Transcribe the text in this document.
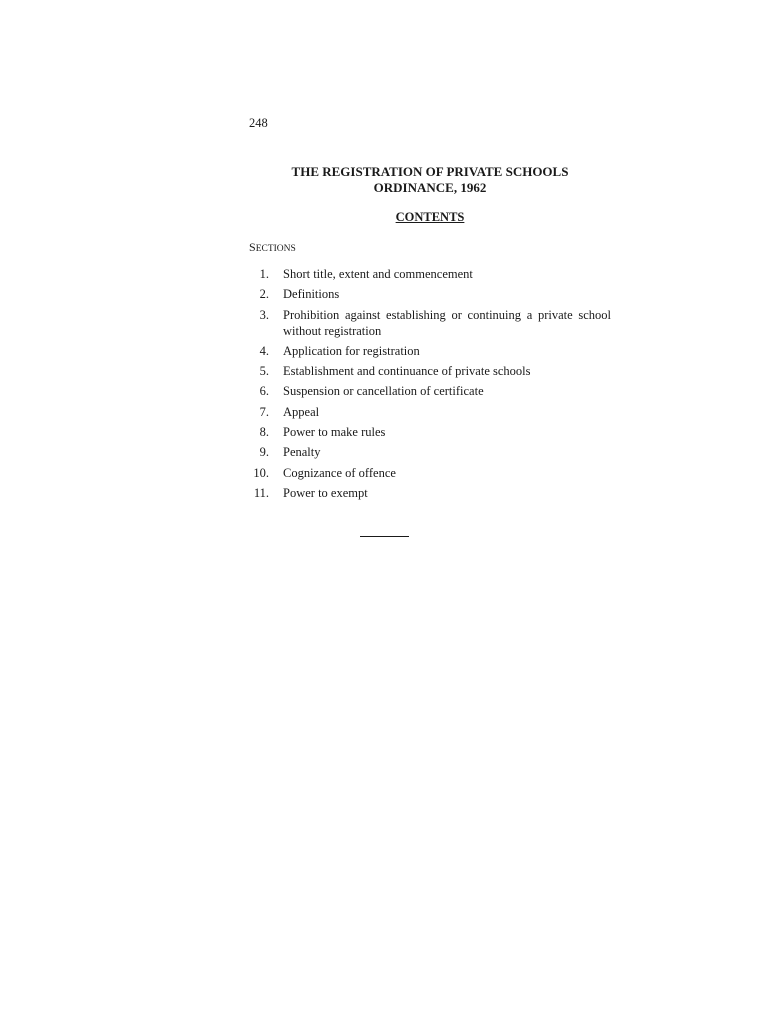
248
THE REGISTRATION OF PRIVATE SCHOOLS
ORDINANCE, 1962
CONTENTS
SECTIONS
1. Short title, extent and commencement
2. Definitions
3. Prohibition against establishing or continuing a private school without registration
4. Application for registration
5. Establishment and continuance of private schools
6. Suspension or cancellation of certificate
7. Appeal
8. Power to make rules
9. Penalty
10. Cognizance of offence
11. Power to exempt
